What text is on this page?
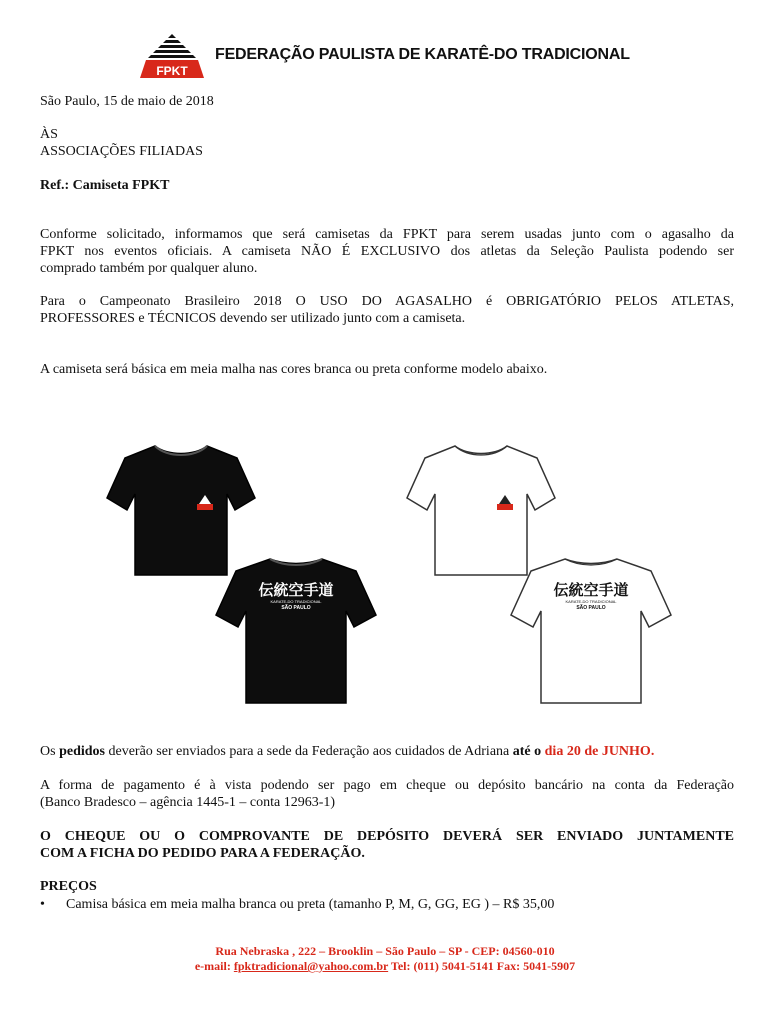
FPKT
FEDERAÇÃO PAULISTA DE KARATÊ-DO TRADICIONAL
São Paulo, 15 de maio de 2018
ÀS
ASSOCIAÇÕES FILIADAS
Ref.: Camiseta FPKT
Conforme solicitado, informamos que será camisetas da FPKT para serem usadas junto com o agasalho da
FPKT nos eventos oficiais. A camiseta NÃO É EXCLUSIVO dos atletas da Seleção Paulista podendo ser
comprado também por qualquer aluno.
Para o Campeonato Brasileiro 2018 O USO DO AGASALHO é OBRIGATÓRIO PELOS ATLETAS,
PROFESSORES e TÉCNICOS devendo ser utilizado junto com a camiseta.
A camiseta será básica em meia malha nas cores branca ou preta conforme modelo abaixo.
伝統空手道
KARATE-DO TRADICIONAL
SÃO PAULO
伝統空手道
KARATE-DO TRADICIONAL
SÃO PAULO
Os pedidos deverão ser enviados para a sede da Federação aos cuidados de Adriana até o dia 20 de JUNHO.
A forma de pagamento é à vista podendo ser pago em cheque ou depósito bancário na conta da Federação
(Banco Bradesco – agência 1445-1 – conta 12963-1)
O CHEQUE OU O COMPROVANTE DE DEPÓSITO DEVERÁ SER ENVIADO JUNTAMENTE
COM A FICHA DO PEDIDO PARA A FEDERAÇÃO.
PREÇOS
• Camisa básica em meia malha branca ou preta (tamanho P, M, G, GG, EG ) – R$ 35,00
Rua Nebraska , 222 – Brooklin – São Paulo – SP - CEP: 04560-010
e-mail: fpktradicional@yahoo.com.br Tel: (011) 5041-5141 Fax: 5041-5907
